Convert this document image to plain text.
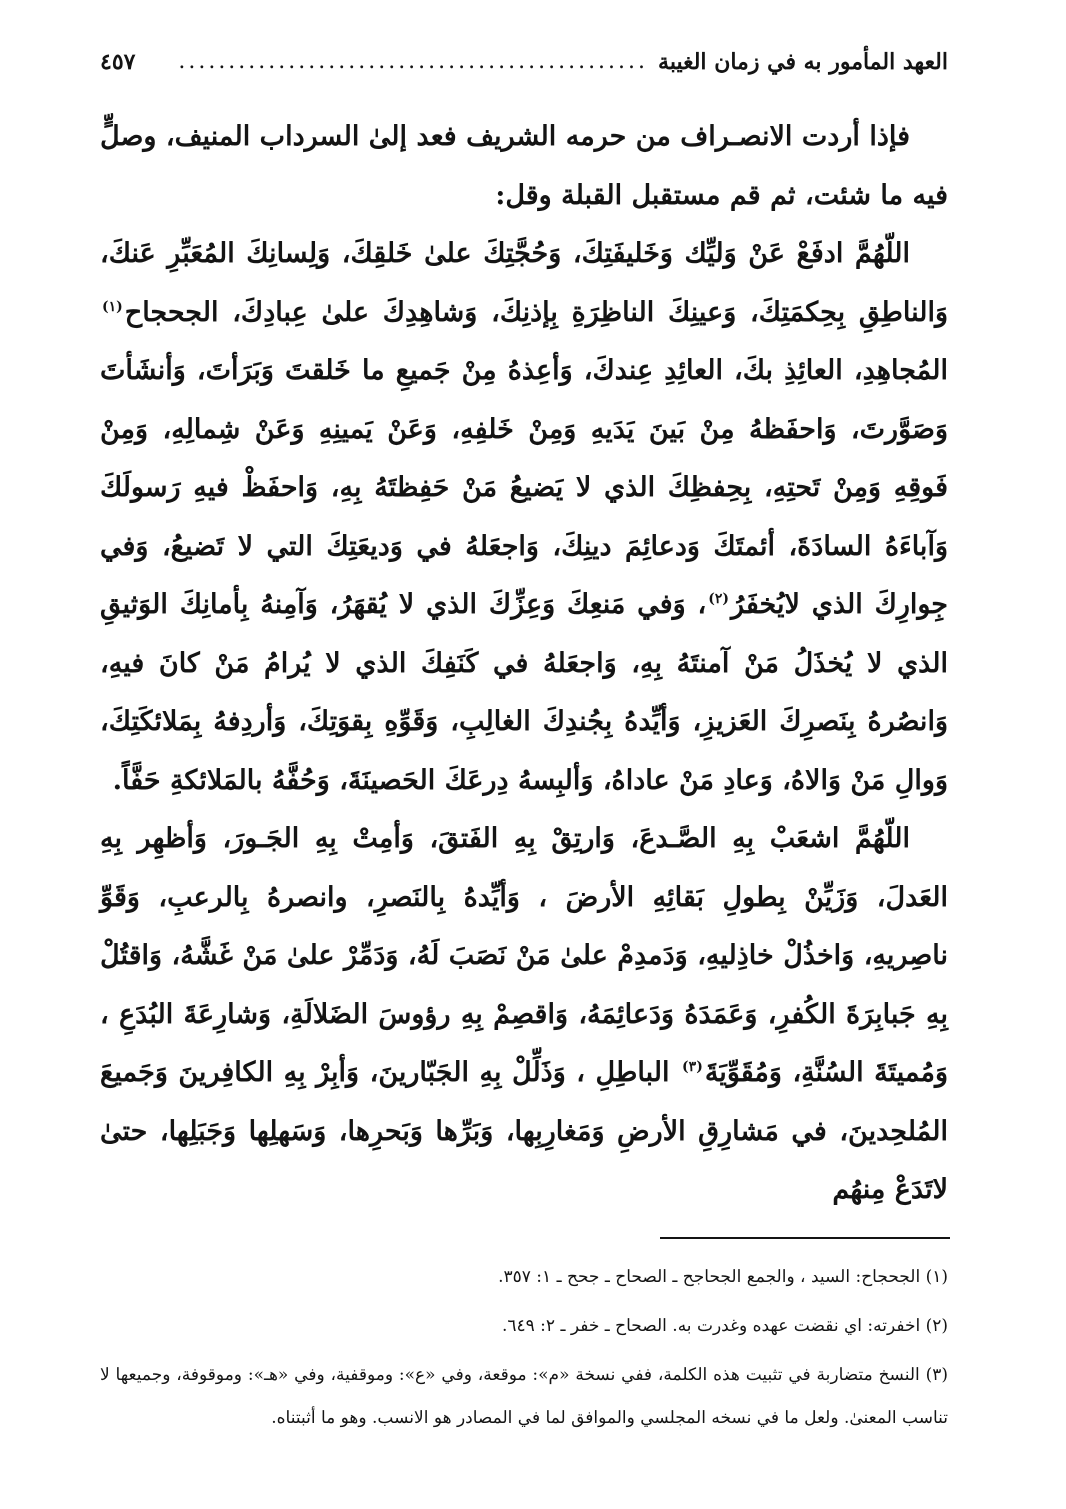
العهد المأمور به في زمان الغيبة
...............................................
٤٥٧

فإذا أردت الانصـراف من حرمه الشريف فعد إلىٰ السرداب المنيف، وصلٍّ فيه ما شئت، ثم قم مستقبل القبلة وقل:

اللّهُمَّ ادفَعْ عَنْ وَليِّك وَخَليفَتِكَ، وَحُجَّتِكَ علىٰ خَلقِكَ، وَلِسانِكَ المُعَبِّرِ عَنكَ، وَالناطِقِ بِحِكمَتِكَ، وَعينِكَ الناظِرَةِ بِإذنِكَ، وَشاهِدِكَ علىٰ عِبادِكَ، الجحجاح$^{(١)}$ المُجاهِدِ، العائِذِ بكَ، العائِدِ عِندكَ، وَأعِذهُ مِنْ جَميعِ ما خَلقتَ وَبَرَأتَ، وَأنشَأتَ وَصَوَّرتَ، وَاحفَظهُ مِنْ بَينَ يَدَيهِ وَمِنْ خَلفِهِ، وَعَنْ يَمينِهِ وَعَنْ شِمالِهِ، وَمِنْ فَوقِهِ وَمِنْ تَحتِهِ، بِحِفظِكَ الذي لا يَضيعُ مَنْ حَفِظتَهُ بِهِ، وَاحفَظْ فيهِ رَسولَكَ وَآباءَهُ السادَةَ، أئمتَكَ وَدعائِمَ دينِكَ، وَاجعَلهُ في وَديعَتِكَ التي لا تَضيعُ، وَفي جِوارِكَ الذي لايُخفَرُ$^{(٢)}$، وَفي مَنعِكَ وَعِزِّكَ الذي لا يُقهَرُ، وَآمِنهُ بِأمانِكَ الوَثيقِ الذي لا يُخذَلُ مَنْ آمنتَهُ بِهِ، وَاجعَلهُ في كَنَفِكَ الذي لا يُرامُ مَنْ كانَ فيهِ، وَانصُرهُ بِنَصرِكَ العَزيزِ، وَأيِّدهُ بِجُندِكَ الغالِبِ، وَقَوِّهِ بِقوَتِكَ، وَأردِفهُ بِمَلائكَتِكَ، وَوالِ مَنْ وَالاهُ، وَعادِ مَنْ عاداهُ، وَألبِسهُ دِرعَكَ الحَصينَةَ، وَحُفَّهُ بالمَلائكةِ حَفَّاً.

اللّهُمَّ اشعَبْ بِهِ الصَّـدعَ، وَارتِقْ بِهِ الفَتقَ، وَأمِتْ بِهِ الجَـورَ، وَأظهِر بِهِ العَدلَ، وَزَيِّنْ بِطولِ بَقائِهِ الأرضَ ، وَأيِّدهُ بِالنَصرِ، وانصرهُ بِالرعبِ، وَقَوِّ ناصِريهِ، وَاخذُلْ خاذِليهِ، وَدَمدِمْ علىٰ مَنْ نَصَبَ لَهُ، وَدَمِّرْ علىٰ مَنْ غَشَّهُ، وَاقتُلْ بِهِ جَبابِرَةَ الكُفرِ، وَعَمَدَهُ وَدَعائِمَهُ، وَاقصِمْ بِهِ رؤوسَ الضَلالَةِ، وَشارِعَةَ البُدَعِ ، وَمُميتَةَ السُنَّةِ، وَمُقَوِّيَةَ$^{(٣)}$ الباطِلِ ، وَذَلِّلْ بِهِ الجَبّارينَ، وَأبِرْ بِهِ الكافِرينَ وَجَميعَ المُلحِدينَ، في مَشارِقِ الأرضِ وَمَغارِبِها، وَبَرِّها وَبَحرِها، وَسَهلِها وَجَبَلِها، حتىٰ لاتَدَعْ مِنهُم

(١) الجحجاح: السيد ، والجمع الجحاجح ـ الصحاح ـ جحح ـ ١: ٣٥٧.
(٢) اخفرته: اي نقضت عهده وغدرت به. الصحاح ـ خفر ـ ٢: ٦٤٩.
(٣) النسخ متضاربة في تثبيت هذه الكلمة، ففي نسخة «م»: موقعة، وفي «ع»: وموقفية، وفي «هـ»: وموقوفة، وجميعها لا تناسب المعنىٰ. ولعل ما في نسخه المجلسي والموافق لما في المصادر هو الانسب. وهو ما أثبتناه.
